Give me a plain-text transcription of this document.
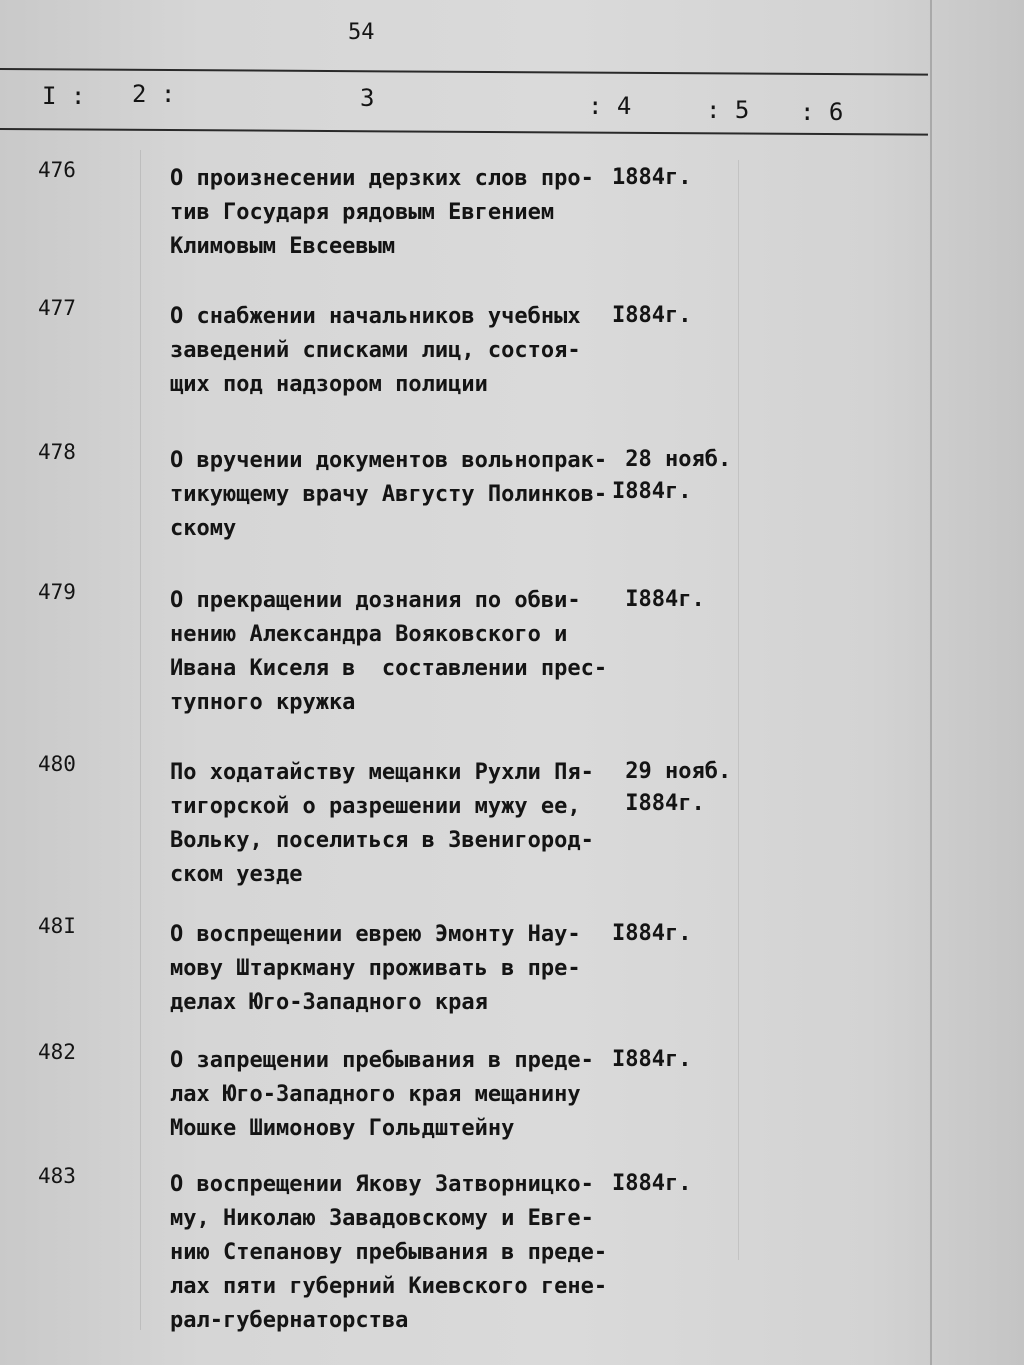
54
I : 2 :	3	: 4	: 5 : 6
476	О произнесении дерзких слов про-
тив Государя рядовым Евгением
Климовым Евсеевым
1884г.
477	О снабжении начальников учебных
заведений списками лиц, состоя-
щих под надзором полиции
I884г.
478	О вручении документов вольнопрак-
тикующему врачу Августу Полинков-
скому
28 нояб.
I884г.
479	О прекращении дознания по обви-
нению Александра Вояковского и
Ивана Киселя в  составлении прес-
тупного кружка
I884г.
480	По ходатайству мещанки Рухли Пя-
тигорской о разрешении мужу ее,
Вольку, поселиться в Звенигород-
ском уезде
29 нояб.
I884г.
48I	О воспрещении еврею Эмонту Нау-
мову Штаркману проживать в пре-
делах Юго-Западного края
I884г.
482	О запрещении пребывания в преде-
лах Юго-Западного края мещанину
Мошке Шимонову Гольдштейну
I884г.
483	О воспрещении Якову Затворницко-
му, Николаю Завадовскому и Евге-
нию Степанову пребывания в преде-
лах пяти губерний Киевского гене-
рал-губернаторства
I884г.
